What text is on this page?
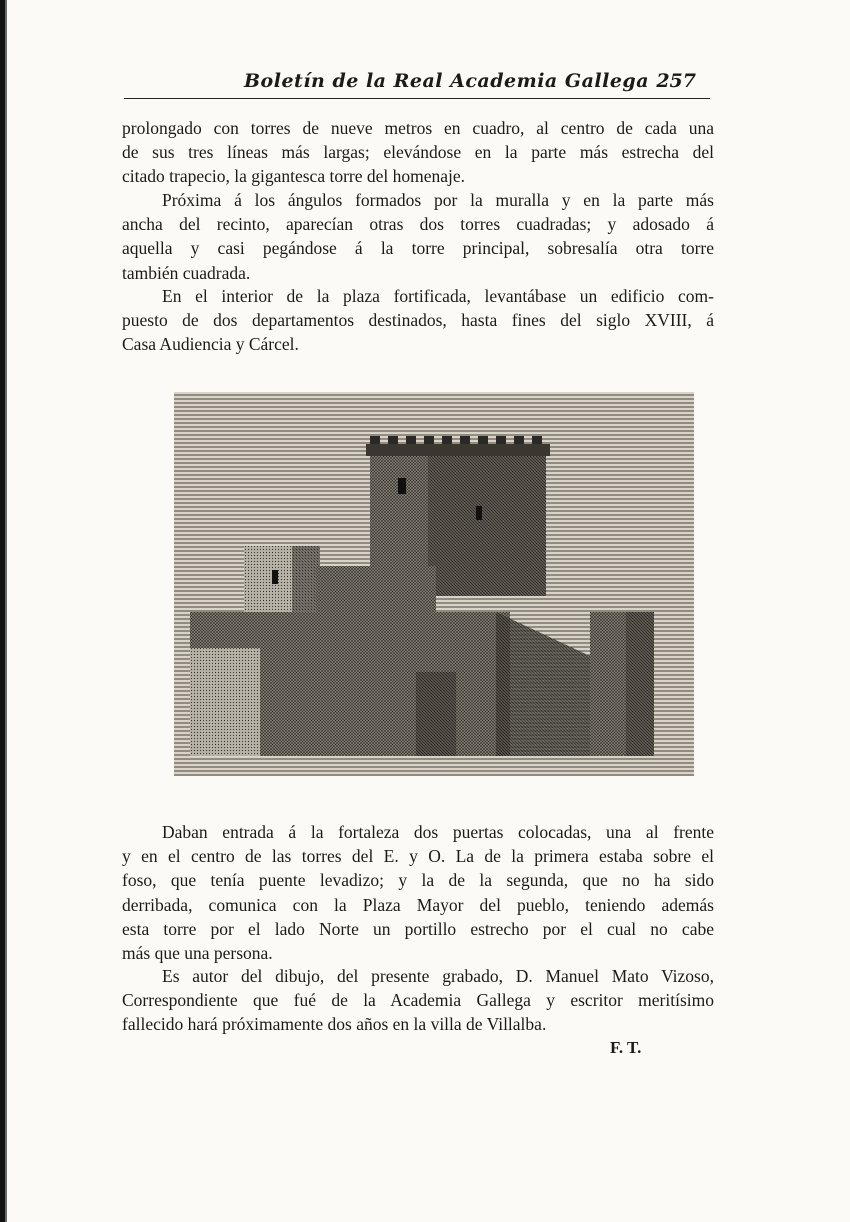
Boletín de la Real Academia Gallega 257

prolongado con torres de nueve metros en cuadro, al centro de cada una
de sus tres líneas más largas; elevándose en la parte más estrecha del
citado trapecio, la gigantesca torre del homenaje.

Próxima á los ángulos formados por la muralla y en la parte más
ancha del recinto, aparecían otras dos torres cuadradas; y adosado á
aquella y casi pegándose á la torre principal, sobresalía otra torre
también cuadrada.

En el interior de la plaza fortificada, levantábase un edificio com-
puesto de dos departamentos destinados, hasta fines del siglo XVIII, á
Casa Audiencia y Cárcel.

Daban entrada á la fortaleza dos puertas colocadas, una al frente
y en el centro de las torres del E. y O. La de la primera estaba sobre el
foso, que tenía puente levadizo; y la de la segunda, que no ha sido
derribada, comunica con la Plaza Mayor del pueblo, teniendo además
esta torre por el lado Norte un portillo estrecho por el cual no cabe
más que una persona.

Es autor del dibujo, del presente grabado, D. Manuel Mato Vizoso,
Correspondiente que fué de la Academia Gallega y escritor meritísimo
fallecido hará próximamente dos años en la villa de Villalba.

F. T.
